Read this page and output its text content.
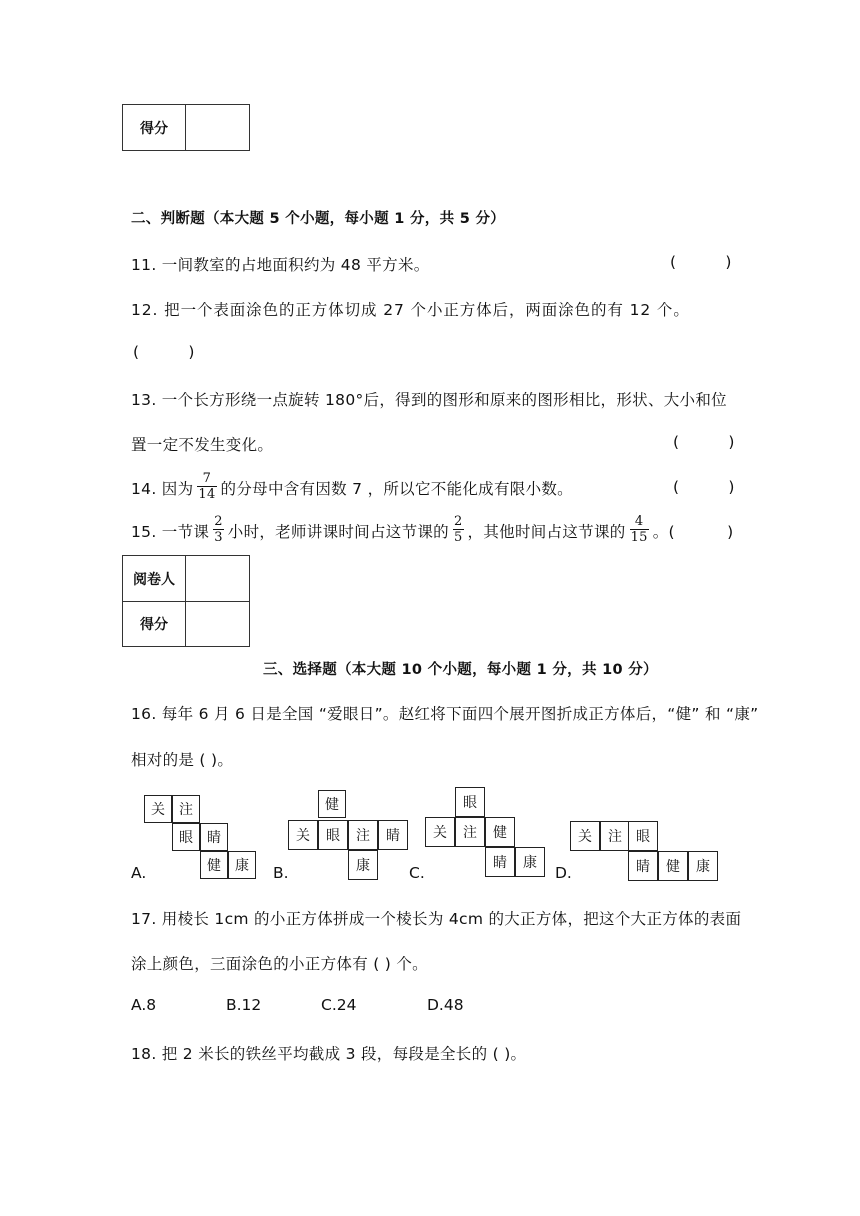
得分
二、判断题（本大题 5 个小题，每小题 1 分，共 5 分）
11. 一间教室的占地面积约为 48 平方米。	(          )
12. 把一个表面涂色的正方体切成 27 个小正方体后，两面涂色的有 12 个。
(          )
13. 一个长方形绕一点旋转 180°后，得到的图形和原来的图形相比，形状、大小和位
置一定不发生变化。	(          )
14. 因为 $\frac{7}{14}$ 的分母中含有因数 7 ，所以它不能化成有限小数。	(          )
15. 一节课 $\frac{2}{3}$ 小时，老师讲课时间占这节课的 $\frac{2}{5}$ ，其他时间占这节课的 $\frac{4}{15}$ 。(          )
阅卷人
得分
三、选择题（本大题 10 个小题，每小题 1 分，共 10 分）
16. 每年 6 月 6 日是全国 “爱眼日”。赵红将下面四个展开图折成正方体后，“健” 和 “康”
相对的是 ( )。
关	注
眼	睛
健	康
A.
健
关	眼	注	睛
康
B.
眼
关	注	健
睛	康
C.
关	注	眼
睛	健	康
D.
17. 用棱长 1cm 的小正方体拼成一个棱长为 4cm 的大正方体，把这个大正方体的表面
涂上颜色，三面涂色的小正方体有 ( ) 个。
A.8	B.12	C.24	D.48
18. 把 2 米长的铁丝平均截成 3 段，每段是全长的 ( )。
